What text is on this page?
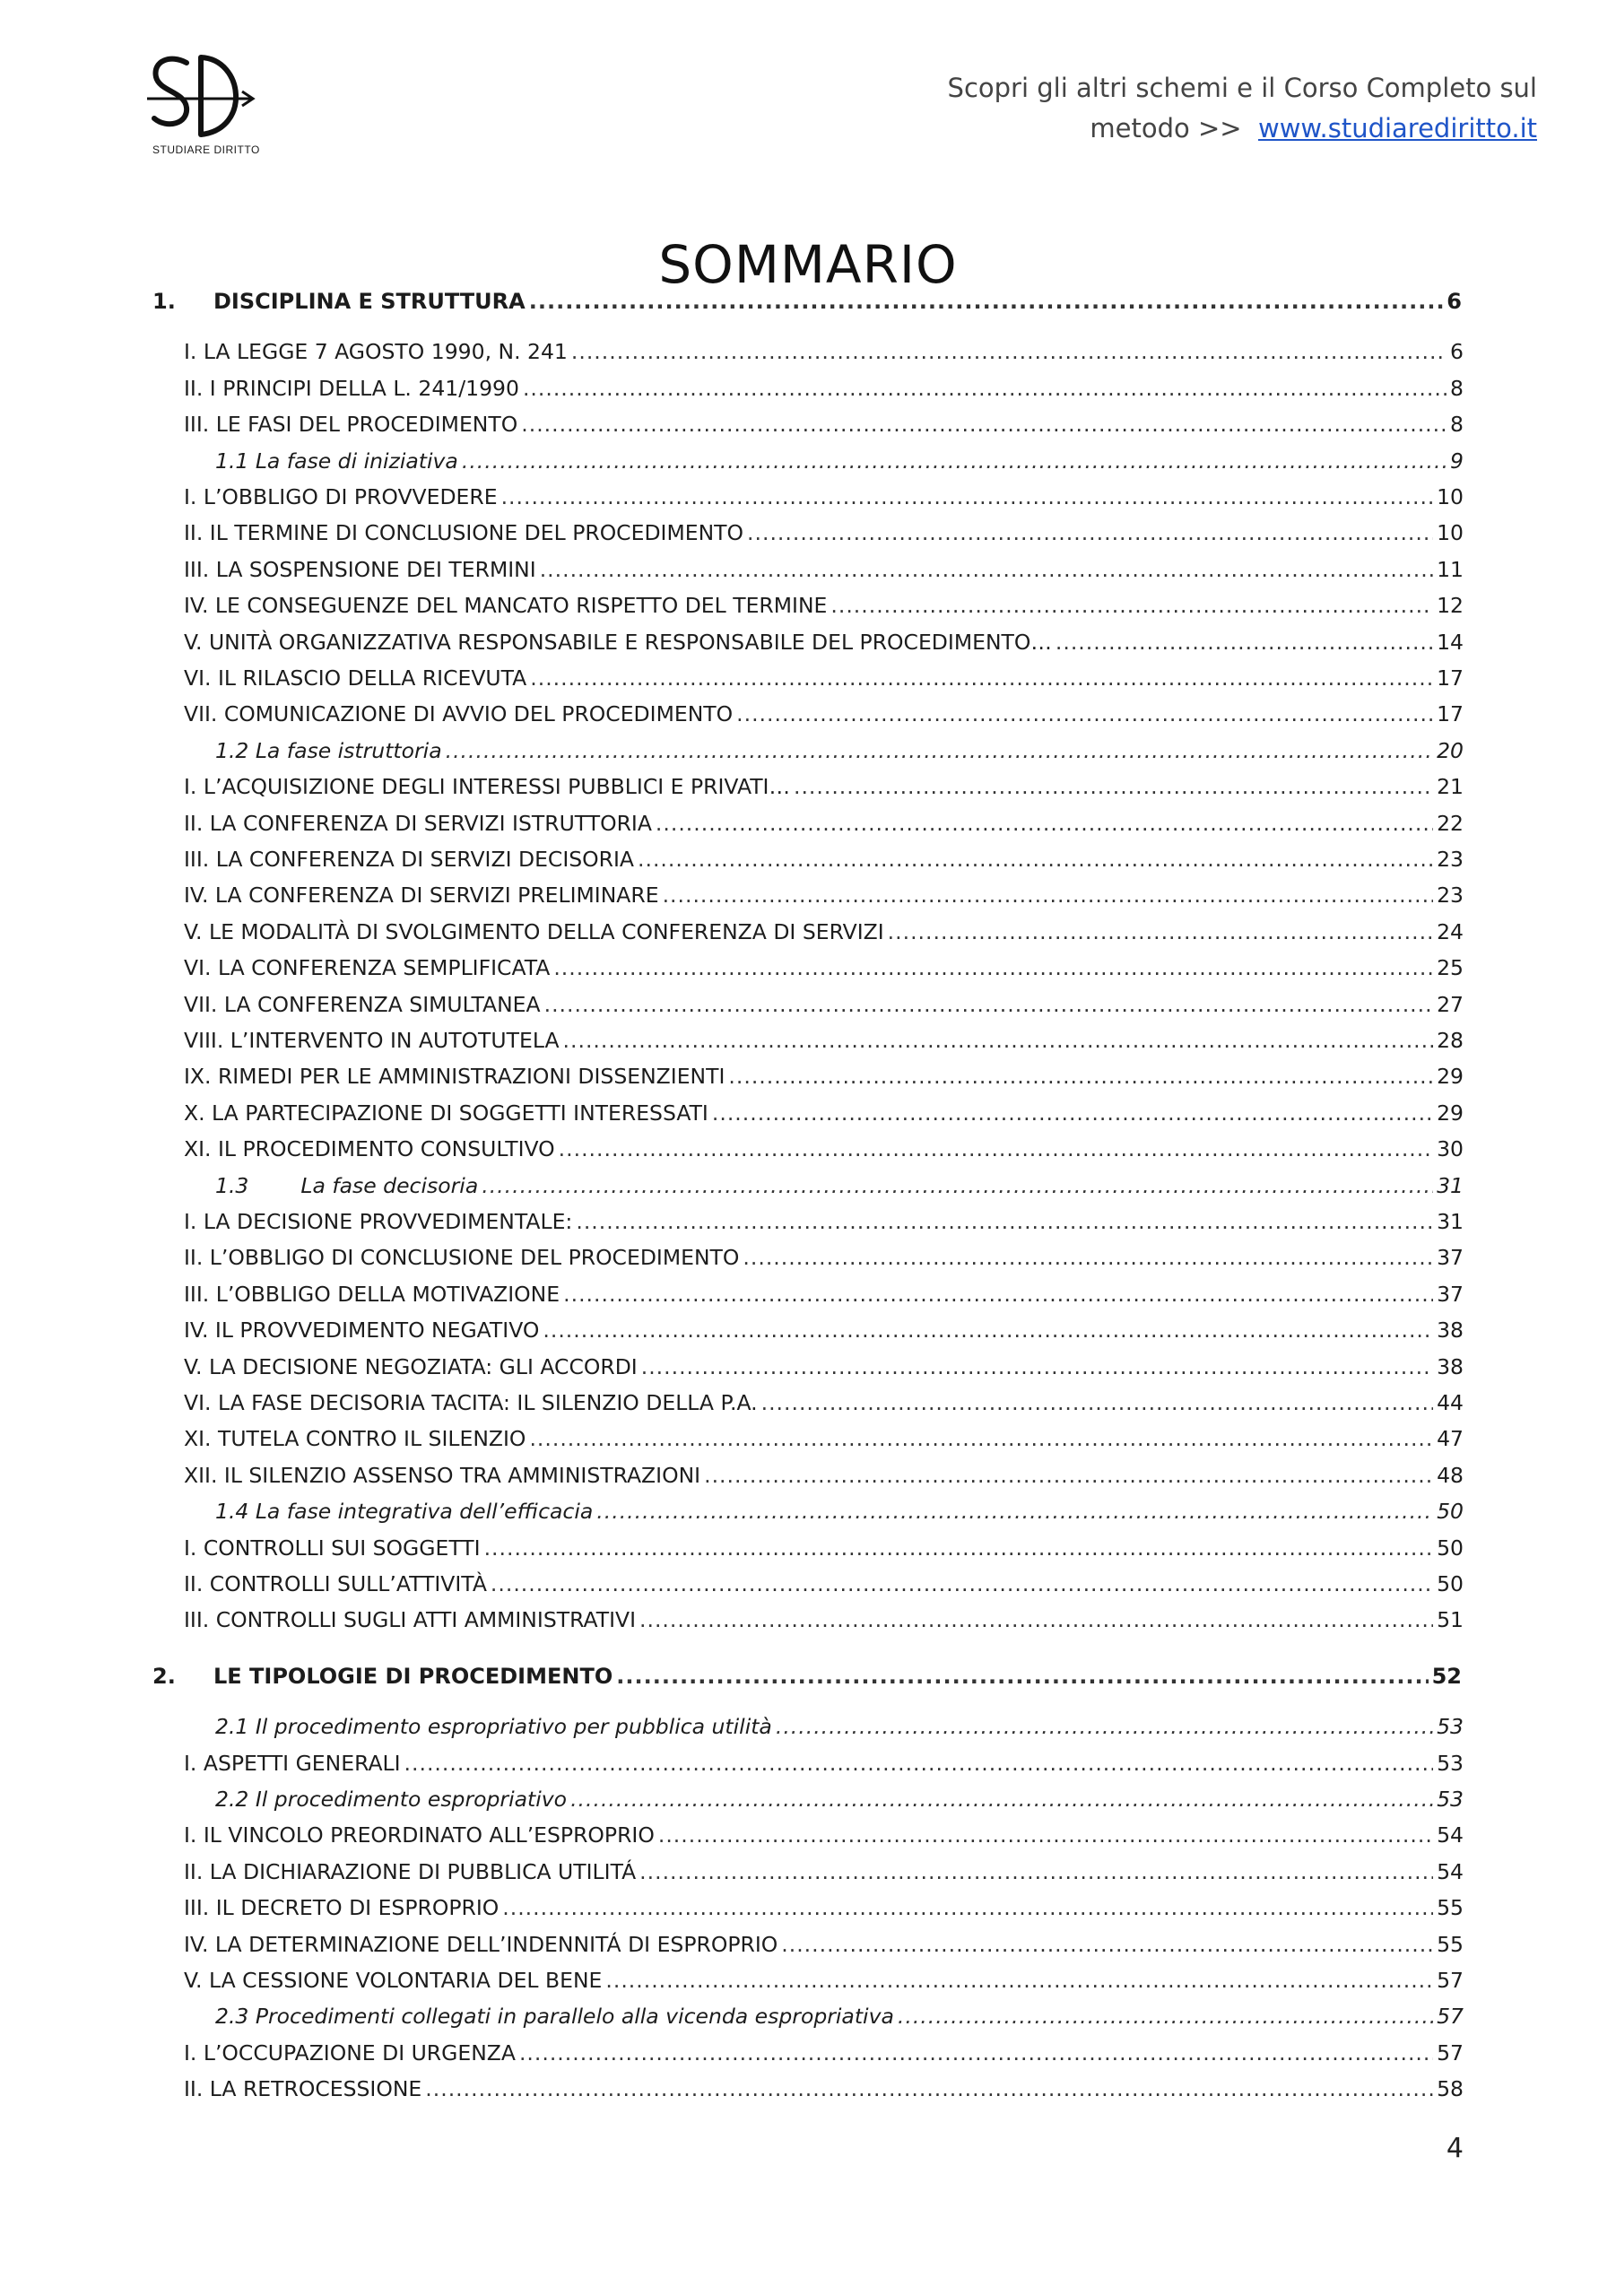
STUDIARE DIRITTO
Scopri gli altri schemi e il Corso Completo sul
metodo >> www.studiarediritto.it
SOMMARIO
1. DISCIPLINA E STRUTTURA .....	6
I. LA LEGGE 7 AGOSTO 1990, N. 241 .....	6
II. I PRINCIPI DELLA L. 241/1990 .....	8
III. LE FASI DEL PROCEDIMENTO .....	8
1.1 La fase di iniziativa .....	9
I. L’OBBLIGO DI PROVVEDERE .....	10
II. IL TERMINE DI CONCLUSIONE DEL PROCEDIMENTO .....	10
III. LA SOSPENSIONE DEI TERMINI .....	11
IV. LE CONSEGUENZE DEL MANCATO RISPETTO DEL TERMINE .....	12
V. UNITÀ ORGANIZZATIVA RESPONSABILE E RESPONSABILE DEL PROCEDIMENTO… .....	14
VI. IL RILASCIO DELLA RICEVUTA .....	17
VII. COMUNICAZIONE DI AVVIO DEL PROCEDIMENTO .....	17
1.2 La fase istruttoria .....	20
I. L’ACQUISIZIONE DEGLI INTERESSI PUBBLICI E PRIVATI… .....	21
II. LA CONFERENZA DI SERVIZI ISTRUTTORIA .....	22
III. LA CONFERENZA DI SERVIZI DECISORIA .....	23
IV. LA CONFERENZA DI SERVIZI PRELIMINARE .....	23
V. LE MODALITÀ DI SVOLGIMENTO DELLA CONFERENZA DI SERVIZI .....	24
VI. LA CONFERENZA SEMPLIFICATA .....	25
VII. LA CONFERENZA SIMULTANEA .....	27
VIII. L’INTERVENTO IN AUTOTUTELA .....	28
IX. RIMEDI PER LE AMMINISTRAZIONI DISSENZIENTI .....	29
X. LA PARTECIPAZIONE DI SOGGETTI INTERESSATI .....	29
XI. IL PROCEDIMENTO CONSULTIVO .....	30
1.3 La fase decisoria .....	31
I. LA DECISIONE PROVVEDIMENTALE: .....	31
II. L’OBBLIGO DI CONCLUSIONE DEL PROCEDIMENTO .....	37
III. L’OBBLIGO DELLA MOTIVAZIONE .....	37
IV. IL PROVVEDIMENTO NEGATIVO .....	38
V. LA DECISIONE NEGOZIATA: GLI ACCORDI .....	38
VI. LA FASE DECISORIA TACITA: IL SILENZIO DELLA P.A. .....	44
XI. TUTELA CONTRO IL SILENZIO .....	47
XII. IL SILENZIO ASSENSO TRA AMMINISTRAZIONI .....	48
1.4 La fase integrativa dell’efficacia .....	50
I. CONTROLLI SUI SOGGETTI .....	50
II. CONTROLLI SULL’ATTIVITÀ .....	50
III. CONTROLLI SUGLI ATTI AMMINISTRATIVI .....	51
2. LE TIPOLOGIE DI PROCEDIMENTO .....	52
2.1 Il procedimento espropriativo per pubblica utilità .....	53
I. ASPETTI GENERALI .....	53
2.2 Il procedimento espropriativo .....	53
I. IL VINCOLO PREORDINATO ALL’ESPROPRIO .....	54
II. LA DICHIARAZIONE DI PUBBLICA UTILITÁ .....	54
III. IL DECRETO DI ESPROPRIO .....	55
IV. LA DETERMINAZIONE DELL’INDENNITÁ DI ESPROPRIO .....	55
V. LA CESSIONE VOLONTARIA DEL BENE .....	57
2.3 Procedimenti collegati in parallelo alla vicenda espropriativa .....	57
I. L’OCCUPAZIONE DI URGENZA .....	57
II. LA RETROCESSIONE .....	58
4
